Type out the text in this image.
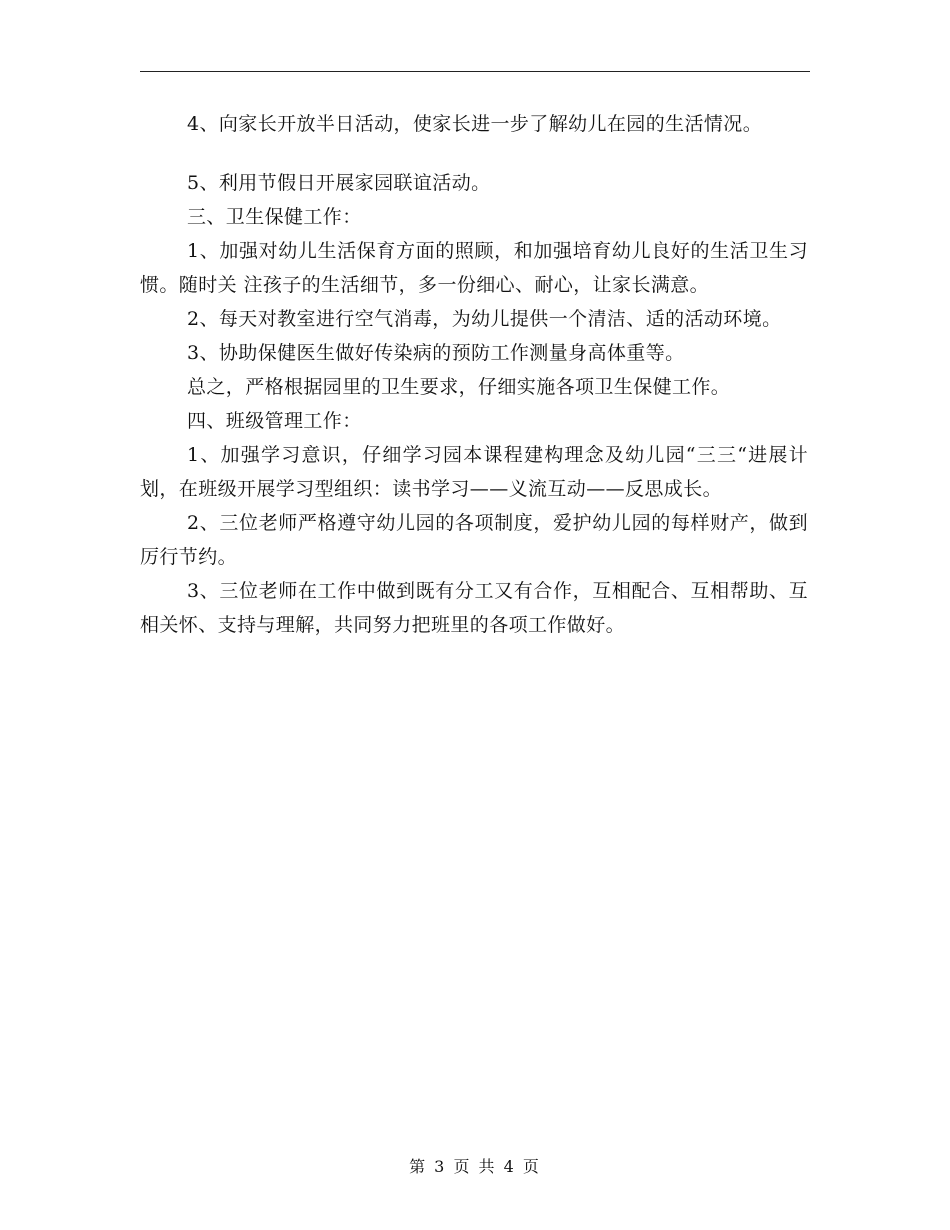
4、向家长开放半日活动，使家长进一步了解幼儿在园的生活情况。

5、利用节假日开展家园联谊活动。

三、卫生保健工作：

1、加强对幼儿生活保育方面的照顾，和加强培育幼儿良好的生活卫生习惯。随时关 注孩子的生活细节，多一份细心、耐心，让家长满意。

2、每天对教室进行空气消毒，为幼儿提供一个清洁、适的活动环境。

3、协助保健医生做好传染病的预防工作测量身高体重等。

总之，严格根据园里的卫生要求，仔细实施各项卫生保健工作。

四、班级管理工作：

1、加强学习意识，仔细学习园本课程建构理念及幼儿园“三三“进展计划，在班级开展学习型组织：读书学习——义流互动——反思成长。

2、三位老师严格遵守幼儿园的各项制度，爱护幼儿园的每样财产，做到厉行节约。

3、三位老师在工作中做到既有分工又有合作，互相配合、互相帮助、互相关怀、支持与理解，共同努力把班里的各项工作做好。

第 3 页 共 4 页
